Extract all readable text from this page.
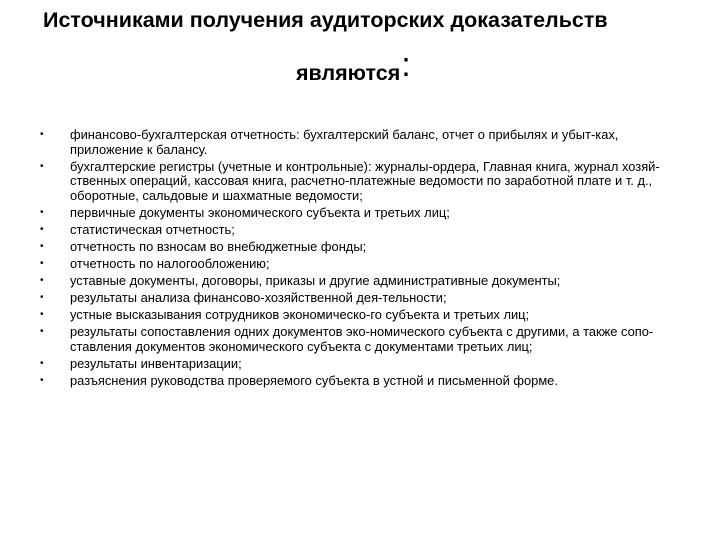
Источниками получения аудиторских доказательств
являются:
•	финансово-бухгалтерская отчетность: бухгалтерский баланс, отчет о прибылях и убыт-ках, приложение к балансу.
•	бухгалтерские регистры (учетные и контрольные): журналы-ордера, Главная книга, журнал хозяй-ственных операций, кассовая книга, расчетно-платежные ведомости по заработной плате и т. д., оборотные, сальдовые и шахматные ведомости;
•	первичные документы экономического субъекта и третьих лиц;
•	статистическая отчетность;
•	отчетность по взносам во внебюджетные фонды;
•	отчетность по налогообложению;
•	уставные документы, договоры, приказы и другие административные документы;
•	результаты анализа финансово-хозяйственной дея-тельности;
•	устные высказывания сотрудников экономическо-го субъекта и третьих лиц;
•	результаты сопоставления одних документов эко-номического субъекта с другими, а также сопо-ставления документов экономического субъекта с документами третьих лиц;
•	результаты инвентаризации;
•	разъяснения руководства проверяемого субъекта в устной и письменной форме.
